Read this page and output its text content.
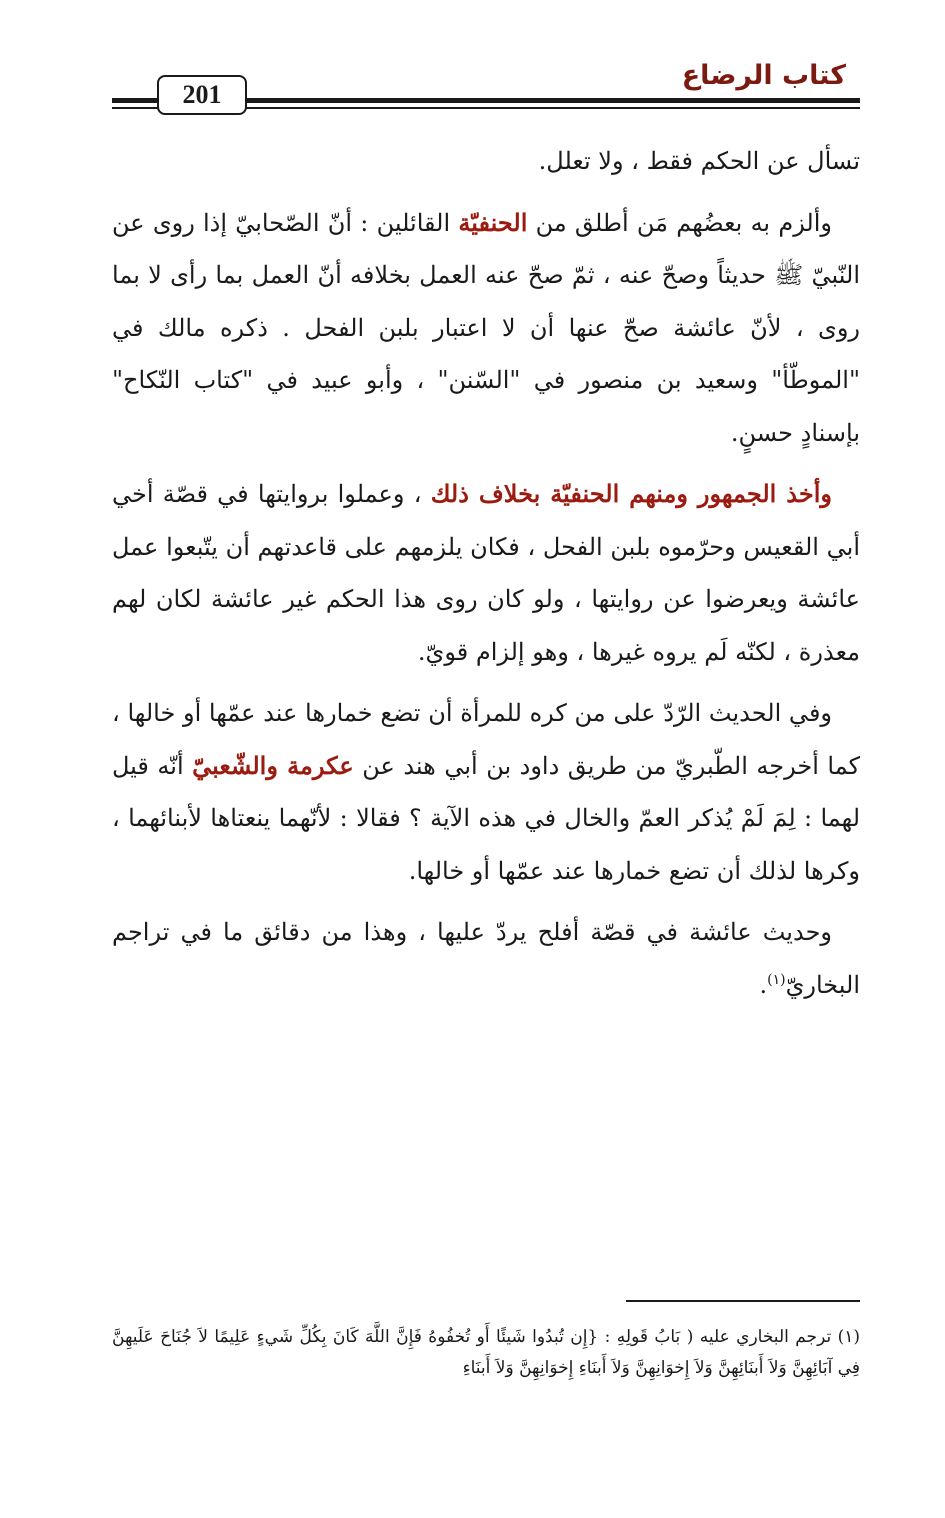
كتاب الرضاع
201

تسأل عن الحكم فقط ، ولا تعلل.

وألزم به بعضُهم مَن أطلق من الحنفيّة القائلين : أنّ الصّحابيّ إذا روى عن النّبيّ ﷺ حديثاً وصحّ عنه ، ثمّ صحّ عنه العمل بخلافه أنّ العمل بما رأى لا بما روى ، لأنّ عائشة صحّ عنها أن لا اعتبار بلبن الفحل . ذكره مالك في "الموطّأ" وسعيد بن منصور في "السّنن" ، وأبو عبيد في "كتاب النّكاح" بإسنادٍ حسنٍ.

وأخذ الجمهور ومنهم الحنفيّة بخلاف ذلك ، وعملوا بروايتها في قصّة أخي أبي القعيس وحرّموه بلبن الفحل ، فكان يلزمهم على قاعدتهم أن يتّبعوا عمل عائشة ويعرضوا عن روايتها ، ولو كان روى هذا الحكم غير عائشة لكان لهم معذرة ، لكنّه لَم يروه غيرها ، وهو إلزام قويّ.

وفي الحديث الرّدّ على من كره للمرأة أن تضع خمارها عند عمّها أو خالها ، كما أخرجه الطّبريّ من طريق داود بن أبي هند عن عكرمة والشّعبيّ أنّه قيل لهما : لِمَ لَمْ يُذكر العمّ والخال في هذه الآية ؟ فقالا : لأنّهما ينعتاها لأبنائهما ، وكرها لذلك أن تضع خمارها عند عمّها أو خالها.

وحديث عائشة في قصّة أفلح يردّ عليها ، وهذا من دقائق ما في تراجم البخاريّ$^{(١)}$.

(١) ترجم البخاري عليه ( بَابُ قَولِهِ : {إِن تُبدُوا شَيئًا أَو تُخفُوهُ فَإِنَّ اللَّهَ كَانَ بِكُلِّ شَيءٍ عَلِيمًا لاَ جُنَاحَ عَلَيهِنَّ فِي آبَائِهِنَّ وَلاَ أَبنَائِهِنَّ وَلاَ إِخوَانِهِنَّ وَلاَ أَبنَاءِ إِخوَانِهِنَّ وَلاَ أَبنَاءِ
